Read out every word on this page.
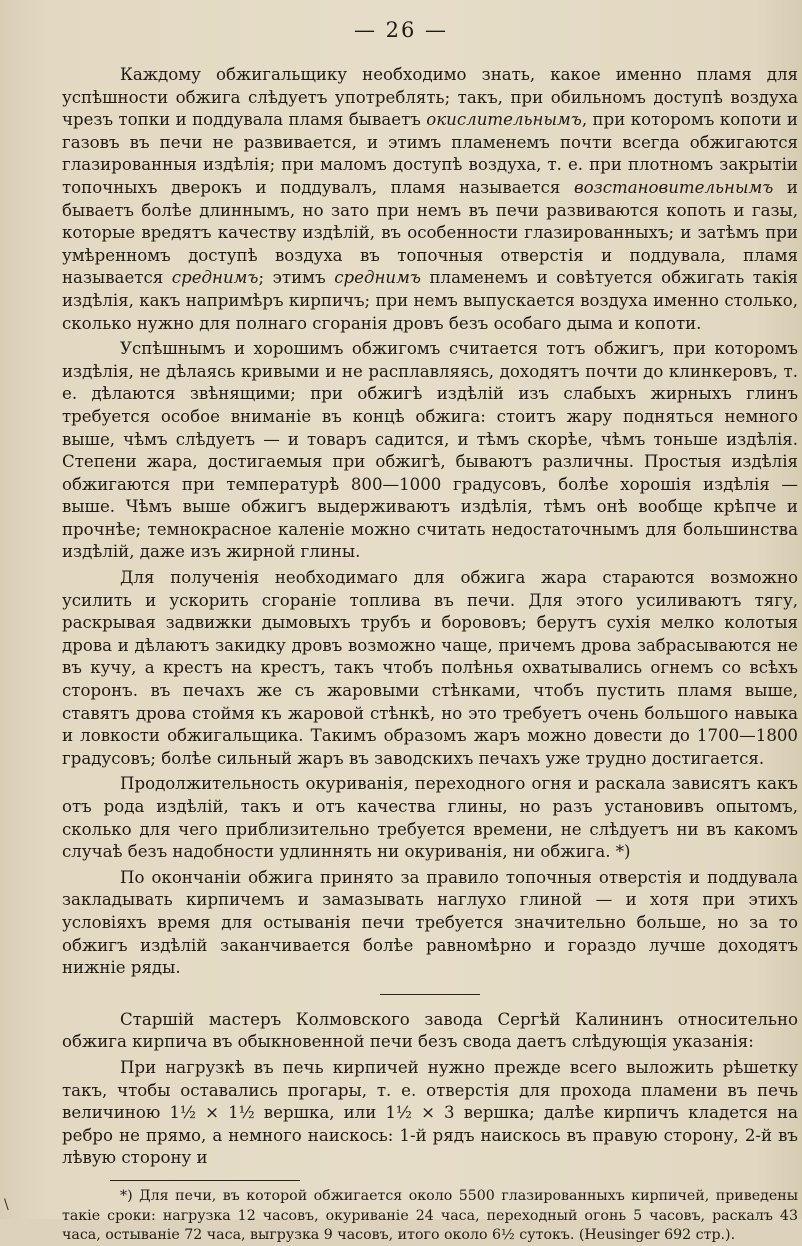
— 26 —

Каждому обжигальщику необходимо знать, какое именно пламя для успѣшности обжига слѣдуетъ употреблять; такъ, при обильномъ доступѣ воздуха чрезъ топки и поддувала пламя бываетъ окислительнымъ, при которомъ копоти и газовъ въ печи не развивается, и этимъ пламенемъ почти всегда обжигаются глазированныя издѣлія; при маломъ доступѣ воздуха, т. е. при плотномъ закрытіи топочныхъ дверокъ и поддувалъ, пламя называется возстановительнымъ и бываетъ болѣе длиннымъ, но зато при немъ въ печи развиваются копоть и газы, которые вредятъ качеству издѣлій, въ особенности глазированныхъ; и затѣмъ при умѣренномъ доступѣ воздуха въ топочныя отверстія и поддувала, пламя называется среднимъ; этимъ среднимъ пламенемъ и совѣтуется обжигать такія издѣлія, какъ напримѣръ кирпичъ; при немъ выпускается воздуха именно столько, сколько нужно для полнаго сгоранія дровъ безъ особаго дыма и копоти.

Успѣшнымъ и хорошимъ обжигомъ считается тотъ обжигъ, при которомъ издѣлія, не дѣлаясь кривыми и не расплавляясь, доходятъ почти до клинкеровъ, т. е. дѣлаются звѣнящими; при обжигѣ издѣлій изъ слабыхъ жирныхъ глинъ требуется особое вниманіе въ концѣ обжига: стоитъ жару подняться немного выше, чѣмъ слѣдуетъ — и товаръ садится, и тѣмъ скорѣе, чѣмъ тоньше издѣлія. Степени жара, достигаемыя при обжигѣ, бываютъ различны. Простыя издѣлія обжигаются при температурѣ 800—1000 градусовъ, болѣе хорошія издѣлія — выше. Чѣмъ выше обжигъ выдерживаютъ издѣлія, тѣмъ онѣ вообще крѣпче и прочнѣе; темнокрасное каленіе можно считать недостаточнымъ для большинства издѣлій, даже изъ жирной глины.

Для полученія необходимаго для обжига жара стараются возможно усилить и ускорить сгораніе топлива въ печи. Для этого усиливаютъ тягу, раскрывая задвижки дымовыхъ трубъ и борововъ; берутъ сухія мелко колотыя дрова и дѣлаютъ закидку дровъ возможно чаще, причемъ дрова забрасываются не въ кучу, а крестъ на крестъ, такъ чтобъ полѣнья охватывались огнемъ со всѣхъ сторонъ. въ печахъ же съ жаровыми стѣнками, чтобъ пустить пламя выше, ставятъ дрова стоймя къ жаровой стѣнкѣ, но это требуетъ очень большого навыка и ловкости обжигальщика. Такимъ образомъ жаръ можно довести до 1700—1800 градусовъ; болѣе сильный жаръ въ заводскихъ печахъ уже трудно достигается.

Продолжительность окуриванія, переходного огня и раскала зависятъ какъ отъ рода издѣлій, такъ и отъ качества глины, но разъ установивъ опытомъ, сколько для чего приблизительно требуется времени, не слѣдуетъ ни въ какомъ случаѣ безъ надобности удлиннять ни окуриванія, ни обжига. *)

По окончаніи обжига принято за правило топочныя отверстія и поддувала закладывать кирпичемъ и замазывать наглухо глиной — и хотя при этихъ условіяхъ время для остыванія печи требуется значительно больше, но за то обжигъ издѣлій заканчивается болѣе равномѣрно и гораздо лучше доходятъ нижніе ряды.

Старшій мастеръ Колмовского завода Сергѣй Калининъ относительно обжига кирпича въ обыкновенной печи безъ свода даетъ слѣдующія указанія:

При нагрузкѣ въ печь кирпичей нужно прежде всего выложить рѣшетку такъ, чтобы оставались прогары, т. е. отверстія для прохода пламени въ печь величиною 1½ × 1½ вершка, или 1½ × 3 вершка; далѣе кирпичъ кладется на ребро не прямо, а немного наискось: 1-й рядъ наискось въ правую сторону, 2-й въ лѣвую сторону и

*) Для печи, въ которой обжигается около 5500 глазированныхъ кирпичей, приведены такіе сроки: нагрузка 12 часовъ, окуриваніе 24 часа, переходный огонь 5 часовъ, раскалъ 43 часа, остываніе 72 часа, выгрузка 9 часовъ, итого около 6½ сутокъ. (Heusinger 692 стр.).

\
